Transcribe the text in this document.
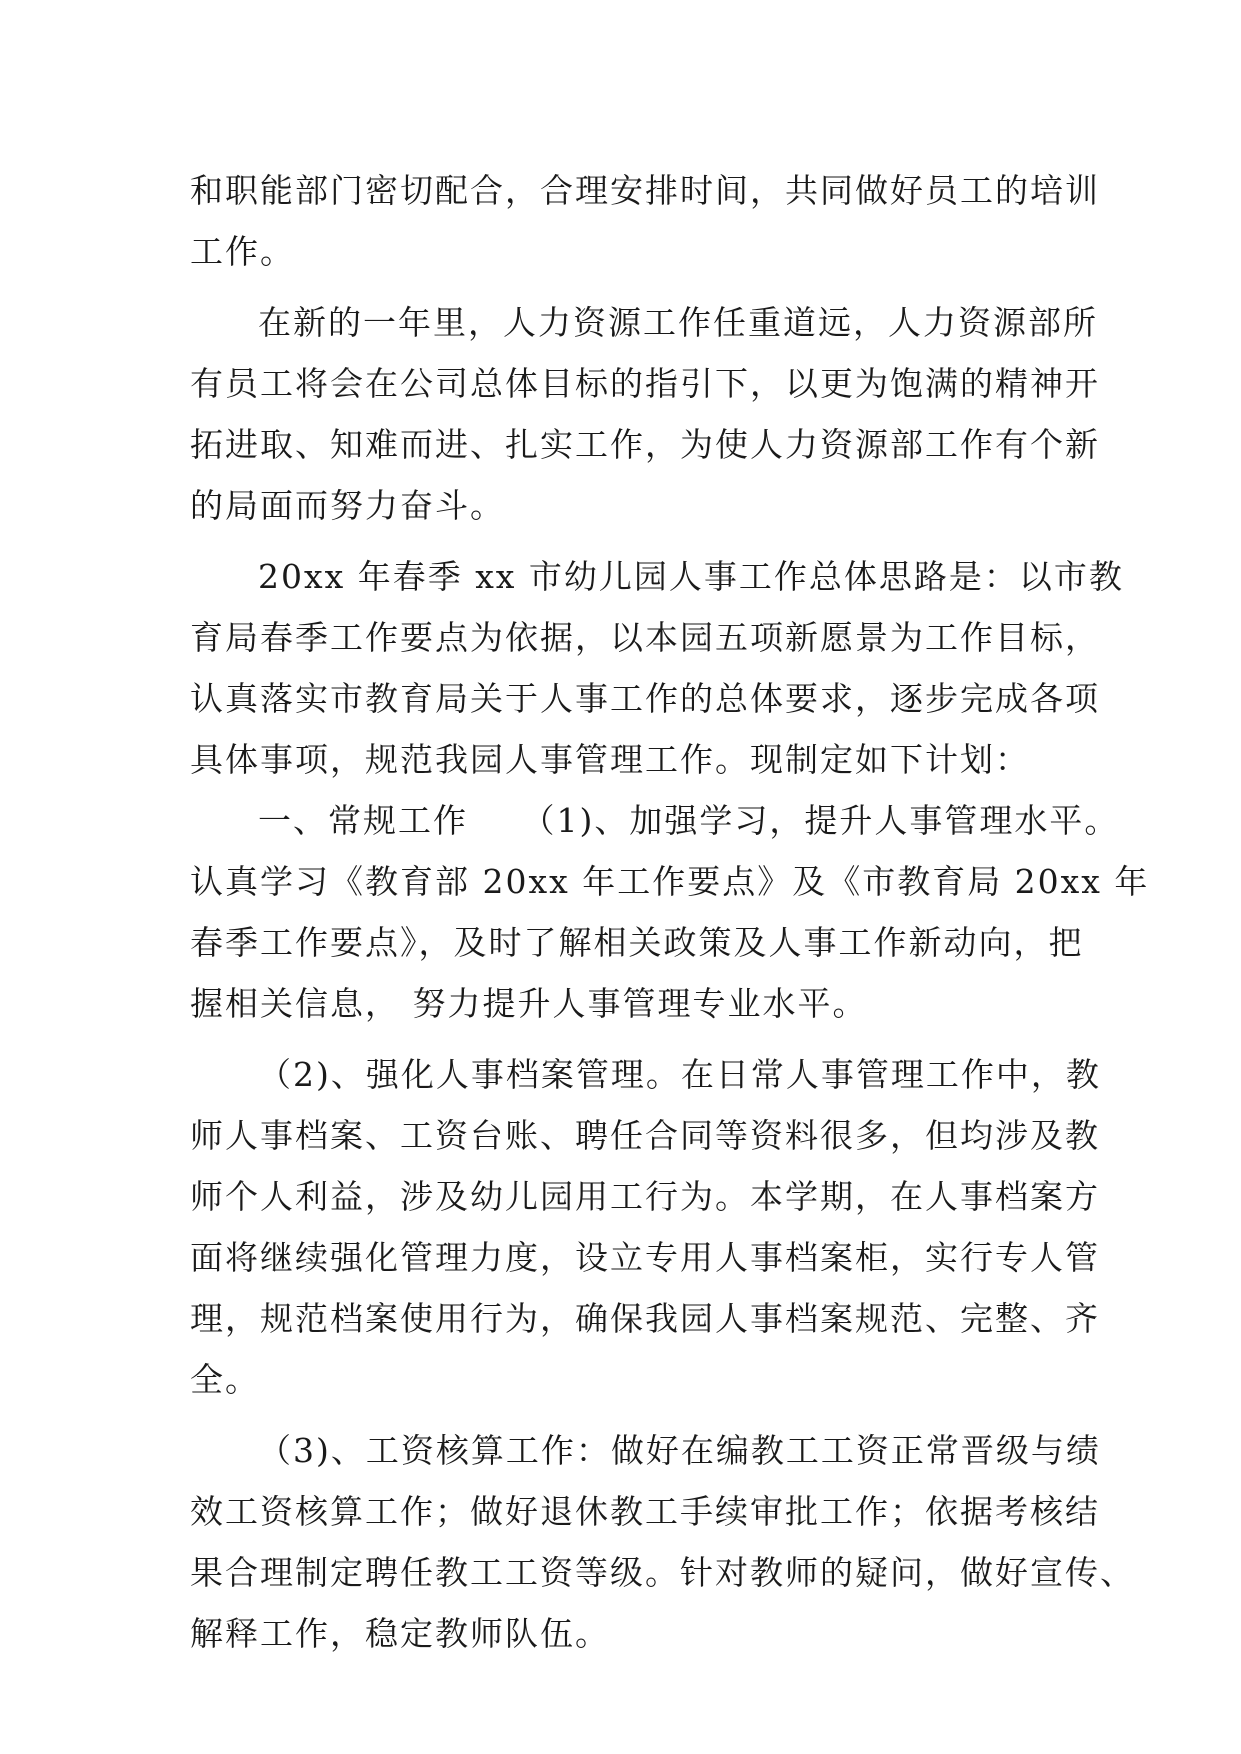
和职能部门密切配合，合理安排时间，共同做好员工的培训
工作。
在新的一年里，人力资源工作任重道远，人力资源部所
有员工将会在公司总体目标的指引下，以更为饱满的精神开
拓进取、知难而进、扎实工作，为使人力资源部工作有个新
的局面而努力奋斗。
20xx 年春季 xx 市幼儿园人事工作总体思路是：以市教
育局春季工作要点为依据，以本园五项新愿景为工作目标，
认真落实市教育局关于人事工作的总体要求，逐步完成各项
具体事项，规范我园人事管理工作。现制定如下计划：
一、常规工作　　（1)、加强学习，提升人事管理水平。
认真学习《教育部 20xx 年工作要点》及《市教育局 20xx 年
春季工作要点》，及时了解相关政策及人事工作新动向，把
握相关信息， 努力提升人事管理专业水平。
（2)、强化人事档案管理。在日常人事管理工作中，教
师人事档案、工资台账、聘任合同等资料很多，但均涉及教
师个人利益，涉及幼儿园用工行为。本学期，在人事档案方
面将继续强化管理力度，设立专用人事档案柜，实行专人管
理，规范档案使用行为，确保我园人事档案规范、完整、齐
全。
（3)、工资核算工作：做好在编教工工资正常晋级与绩
效工资核算工作；做好退休教工手续审批工作；依据考核结
果合理制定聘任教工工资等级。针对教师的疑问，做好宣传、
解释工作，稳定教师队伍。
